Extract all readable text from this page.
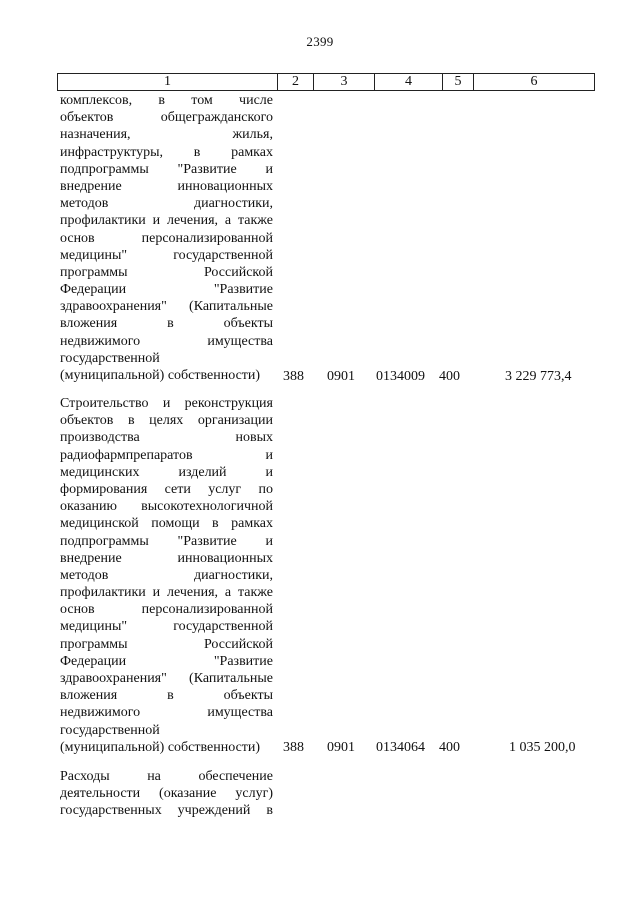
2399
1	2	3	4	5	6
комплексов, в том числе
объектов общегражданского
назначения, жилья,
инфраструктуры, в рамках
подпрограммы "Развитие и
внедрение инновационных
методов диагностики,
профилактики и лечения, а также
основ персонализированной
медицины" государственной
программы Российской
Федерации "Развитие
здравоохранения" (Капитальные
вложения в объекты
недвижимого имущества
государственной
(муниципальной) собственности)	388 0901 0134009 400	3 229 773,4
Строительство и реконструкция
объектов в целях организации
производства новых
радиофармпрепаратов и
медицинских изделий и
формирования сети услуг по
оказанию высокотехнологичной
медицинской помощи в рамках
подпрограммы "Развитие и
внедрение инновационных
методов диагностики,
профилактики и лечения, а также
основ персонализированной
медицины" государственной
программы Российской
Федерации "Развитие
здравоохранения" (Капитальные
вложения в объекты
недвижимого имущества
государственной
(муниципальной) собственности)	388 0901 0134064 400	1 035 200,0
Расходы на обеспечение
деятельности (оказание услуг)
государственных учреждений в
